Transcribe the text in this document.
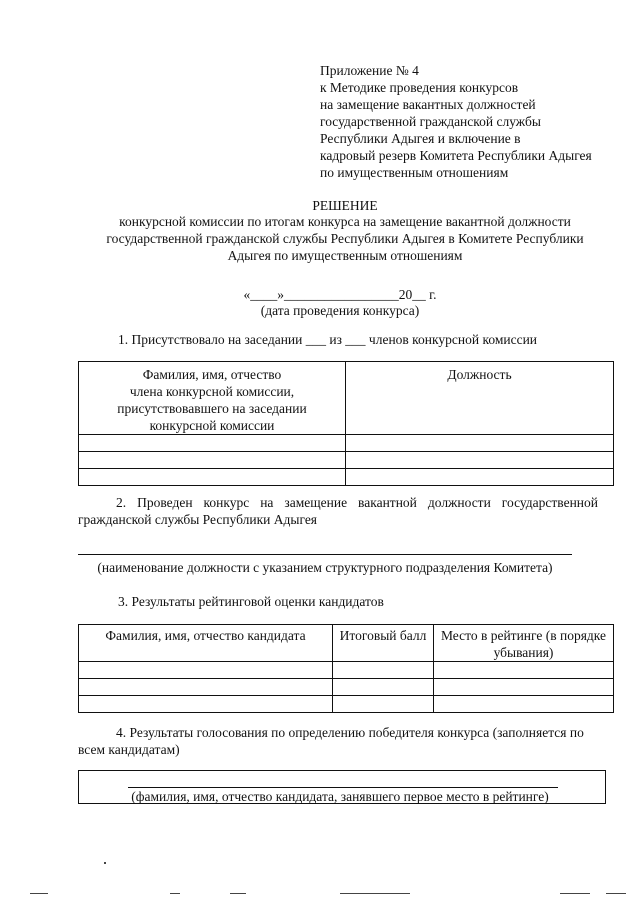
Приложение № 4
к Методике проведения конкурсов
на замещение вакантных должностей
государственной гражданской службы
Республики Адыгея и включение в
кадровый резерв Комитета Республики Адыгея
по имущественным отношениям
РЕШЕНИЕ
конкурсной комиссии по итогам конкурса на замещение вакантной должности
государственной гражданской службы Республики Адыгея в Комитете Республики
Адыгея по имущественным отношениям
«____»_________________20__ г.
(дата проведения конкурса)
1. Присутствовало на заседании ___ из ___ членов конкурсной комиссии
Фамилия, имя, отчество
члена конкурсной комиссии,
присутствовавшего на заседании
конкурсной комиссии	Должность

2. Проведен конкурс на замещение вакантной должности государственной
гражданской службы Республики Адыгея
(наименование должности с указанием структурного подразделения Комитета)
3. Результаты рейтинговой оценки кандидатов
Фамилия, имя, отчество кандидата	Итоговый балл	Место в рейтинге (в порядке убывания)

4. Результаты голосования по определению победителя конкурса (заполняется по
всем кандидатам)
(фамилия, имя, отчество кандидата, занявшего первое место в рейтинге)
